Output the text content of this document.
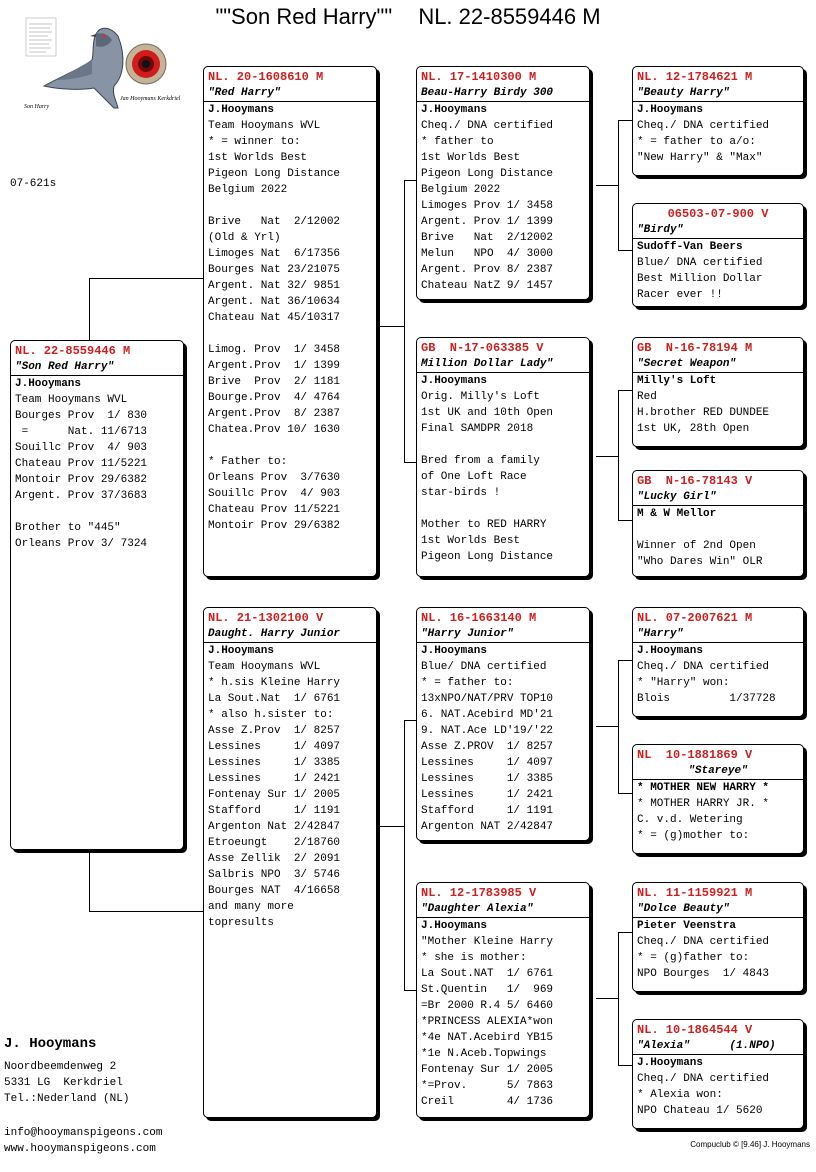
""Son Red Harry"" NL. 22-8559446 M
Son Harry
Jan Hooymans Kerkdriel
07-621s
NL. 22-8559446 M
"Son Red Harry"
J.Hooymans
Team Hooymans WVL
Bourges Prov  1/ 830
=      Nat. 11/6713
Souillc Prov  4/ 903
Chateau Prov 11/5221
Montoir Prov 29/6382
Argent. Prov 37/3683
Brother to "445"
Orleans Prov 3/ 7324
NL. 20-1608610 M
"Red Harry"
J.Hooymans
Team Hooymans WVL
* = winner to:
1st Worlds Best
Pigeon Long Distance
Belgium 2022
Brive   Nat  2/12002
(Old & Yrl)
Limoges Nat  6/17356
Bourges Nat 23/21075
Argent. Nat 32/ 9851
Argent. Nat 36/10634
Chateau Nat 45/10317
Limog. Prov  1/ 3458
Argent.Prov  1/ 1399
Brive  Prov  2/ 1181
Bourge.Prov  4/ 4764
Argent.Prov  8/ 2387
Chatea.Prov 10/ 1630
* Father to:
Orleans Prov  3/7630
Souillc Prov  4/ 903
Chateau Prov 11/5221
Montoir Prov 29/6382
NL. 21-1302100 V
Daught. Harry Junior
J.Hooymans
Team Hooymans WVL
* h.sis Kleine Harry
La Sout.Nat  1/ 6761
* also h.sister to:
Asse Z.Prov  1/ 8257
Lessines     1/ 4097
Lessines     1/ 3385
Lessines     1/ 2421
Fontenay Sur 1/ 2005
Stafford     1/ 1191
Argenton Nat 2/42847
Etroeungt    2/18760
Asse Zellik  2/ 2091
Salbris NPO  3/ 5746
Bourges NAT  4/16658
and many more
topresults
NL. 17-1410300 M
Beau-Harry Birdy 300
J.Hooymans
Cheq./ DNA certified
* father to
1st Worlds Best
Pigeon Long Distance
Belgium 2022
Limoges Prov 1/ 3458
Argent. Prov 1/ 1399
Brive   Nat  2/12002
Melun   NPO  4/ 3000
Argent. Prov 8/ 2387
Chateau NatZ 9/ 1457
GB  N-17-063385 V
Million Dollar Lady"
J.Hooymans
Orig. Milly's Loft
1st UK and 10th Open
Final SAMDPR 2018
Bred from a family
of One Loft Race
star-birds !
Mother to RED HARRY
1st Worlds Best
Pigeon Long Distance
NL. 16-1663140 M
"Harry Junior"
J.Hooymans
Blue/ DNA certified
* = father to:
13xNPO/NAT/PRV TOP10
6. NAT.Acebird MD'21
9. NAT.Ace LD'19/'22
Asse Z.PROV  1/ 8257
Lessines     1/ 4097
Lessines     1/ 3385
Lessines     1/ 2421
Stafford     1/ 1191
Argenton NAT 2/42847
NL. 12-1783985 V
"Daughter Alexia"
J.Hooymans
"Mother Kleine Harry
* she is mother:
La Sout.NAT  1/ 6761
St.Quentin   1/  969
=Br 2000 R.4 5/ 6460
*PRINCESS ALEXIA*won
*4e NAT.Acebird YB15
*1e N.Aceb.Topwings
Fontenay Sur 1/ 2005
*=Prov.      5/ 7863
Creil        4/ 1736
NL. 12-1784621 M
"Beauty Harry"
J.Hooymans
Cheq./ DNA certified
* = father to a/o:
"New Harry" & "Max"
06503-07-900 V
"Birdy"
Sudoff-Van Beers
Blue/ DNA certified
Best Million Dollar
Racer ever !!
GB  N-16-78194 M
"Secret Weapon"
Milly's Loft
Red
H.brother RED DUNDEE
1st UK, 28th Open
GB  N-16-78143 V
"Lucky Girl"
M & W Mellor
Winner of 2nd Open
"Who Dares Win" OLR
NL. 07-2007621 M
"Harry"
J.Hooymans
Cheq./ DNA certified
* "Harry" won:
Blois         1/37728
NL  10-1881869 V
"Stareye"
* MOTHER NEW HARRY *
* MOTHER HARRY JR. *
C. v.d. Wetering
* = (g)mother to:
NL. 11-1159921 M
"Dolce Beauty"
Pieter Veenstra
Cheq./ DNA certified
* = (g)father to:
NPO Bourges  1/ 4843
NL. 10-1864544 V
"Alexia"      (1.NPO)
J.Hooymans
Cheq./ DNA certified
* Alexia won:
NPO Chateau 1/ 5620
J. Hooymans
Noordbeemdenweg 2
5331 LG  Kerkdriel
Tel.:Nederland (NL)
info@hooymanspigeons.com
www.hooymanspigeons.com	Compuclub © [9.46] J. Hooymans
